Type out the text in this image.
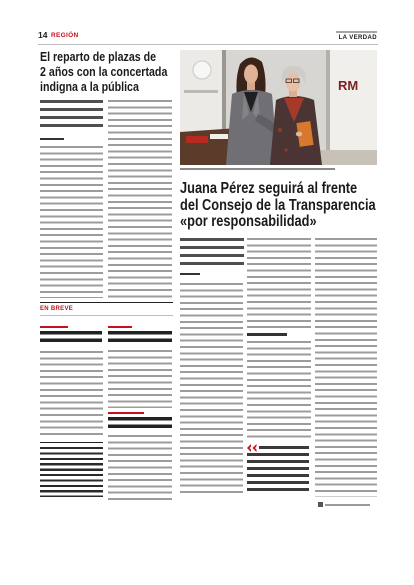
14 REGIÓN	LA VERDAD
El reparto de plazas de
2 años con la concertada
indigna a la pública
EN BREVE
RM
Juana Pérez seguirá al frente
del Consejo de la Transparencia
«por responsabilidad»
